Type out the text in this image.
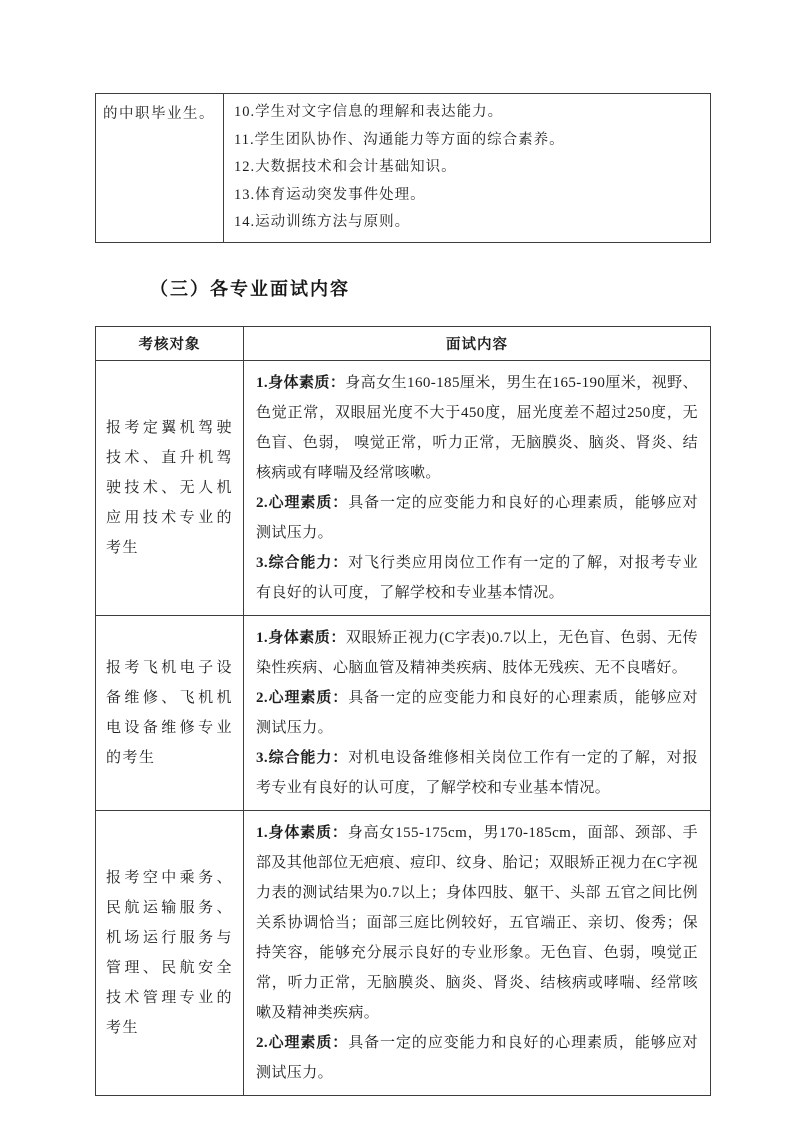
的中职毕业生。	10.学生对文字信息的理解和表达能力。

11.学生团队协作、沟通能力等方面的综合素养。

12.大数据技术和会计基础知识。

13.体育运动突发事件处理。

14.运动训练方法与原则。

（三）各专业面试内容
考核对象	面试内容
报考定翼机驾驶技术、直升机驾驶技术、无人机应用技术专业的考生	1.身体素质：身高女生160-185厘米，男生在165-190厘米，视野、色觉正常，双眼屈光度不大于450度，屈光度差不超过250度，无色盲、色弱， 嗅觉正常，听力正常，无脑膜炎、脑炎、肾炎、结核病或有哮喘及经常咳嗽。

2.心理素质：具备一定的应变能力和良好的心理素质，能够应对测试压力。

3.综合能力：对飞行类应用岗位工作有一定的了解，对报考专业有良好的认可度，了解学校和专业基本情况。

报考飞机电子设备维修、飞机机电设备维修专业的考生	1.身体素质：双眼矫正视力(C字表)0.7以上，无色盲、色弱、无传染性疾病、心脑血管及精神类疾病、肢体无残疾、无不良嗜好。

2.心理素质：具备一定的应变能力和良好的心理素质，能够应对测试压力。

3.综合能力：对机电设备维修相关岗位工作有一定的了解，对报考专业有良好的认可度，了解学校和专业基本情况。

报考空中乘务、民航运输服务、机场运行服务与管理、民航安全技术管理专业的考生	1.身体素质：身高女155-175cm，男170-185cm，面部、颈部、手部及其他部位无疤痕、痘印、纹身、胎记；双眼矫正视力在C字视力表的测试结果为0.7以上；身体四肢、躯干、头部 五官之间比例关系协调恰当；面部三庭比例较好，五官端正、亲切、俊秀；保持笑容，能够充分展示良好的专业形象。无色盲、色弱，嗅觉正常，听力正常，无脑膜炎、脑炎、肾炎、结核病或哮喘、经常咳嗽及精神类疾病。

2.心理素质：具备一定的应变能力和良好的心理素质，能够应对测试压力。
